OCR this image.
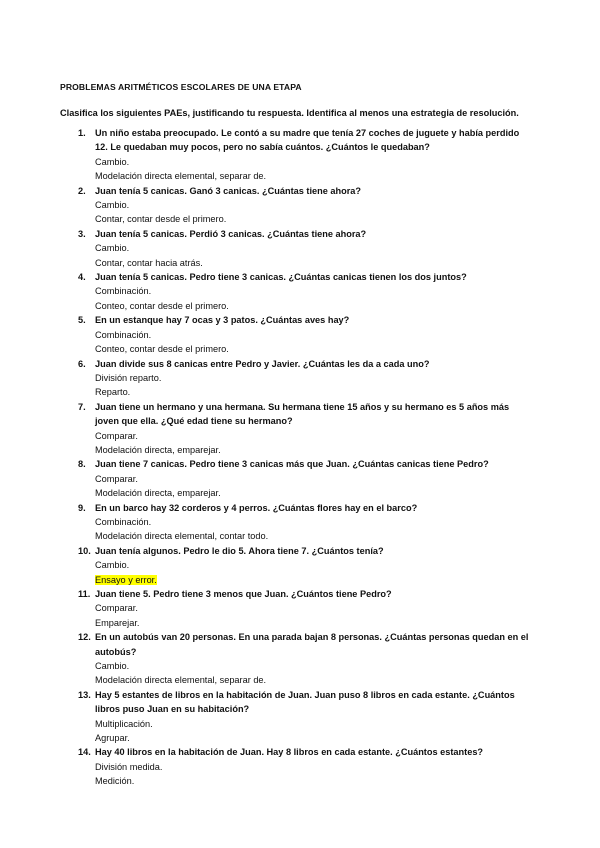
PROBLEMAS ARITMÉTICOS ESCOLARES DE UNA ETAPA
Clasifica los siguientes PAEs, justificando tu respuesta. Identifica al menos una estrategia de resolución.
1. Un niño estaba preocupado. Le contó a su madre que tenía 27 coches de juguete y había perdido 12. Le quedaban muy pocos, pero no sabía cuántos. ¿Cuántos le quedaban?
Cambio.
Modelación directa elemental, separar de.
2. Juan tenía 5 canicas. Ganó 3 canicas. ¿Cuántas tiene ahora?
Cambio.
Contar, contar desde el primero.
3. Juan tenía 5 canicas. Perdió 3 canicas. ¿Cuántas tiene ahora?
Cambio.
Contar, contar hacia atrás.
4. Juan tenía 5 canicas. Pedro tiene 3 canicas. ¿Cuántas canicas tienen los dos juntos?
Combinación.
Conteo, contar desde el primero.
5. En un estanque hay 7 ocas y 3 patos. ¿Cuántas aves hay?
Combinación.
Conteo, contar desde el primero.
6. Juan divide sus 8 canicas entre Pedro y Javier. ¿Cuántas les da a cada uno?
División reparto.
Reparto.
7. Juan tiene un hermano y una hermana. Su hermana tiene 15 años y su hermano es 5 años más joven que ella. ¿Qué edad tiene su hermano?
Comparar.
Modelación directa, emparejar.
8. Juan tiene 7 canicas. Pedro tiene 3 canicas más que Juan. ¿Cuántas canicas tiene Pedro?
Comparar.
Modelación directa, emparejar.
9. En un barco hay 32 corderos y 4 perros. ¿Cuántas flores hay en el barco?
Combinación.
Modelación directa elemental, contar todo.
10. Juan tenía algunos. Pedro le dio 5. Ahora tiene 7. ¿Cuántos tenía?
Cambio.
Ensayo y error.
11. Juan tiene 5. Pedro tiene 3 menos que Juan. ¿Cuántos tiene Pedro?
Comparar.
Emparejar.
12. En un autobús van 20 personas. En una parada bajan 8 personas. ¿Cuántas personas quedan en el autobús?
Cambio.
Modelación directa elemental, separar de.
13. Hay 5 estantes de libros en la habitación de Juan. Juan puso 8 libros en cada estante. ¿Cuántos libros puso Juan en su habitación?
Multiplicación.
Agrupar.
14. Hay 40 libros en la habitación de Juan. Hay 8 libros en cada estante. ¿Cuántos estantes?
División medida.
Medición.
